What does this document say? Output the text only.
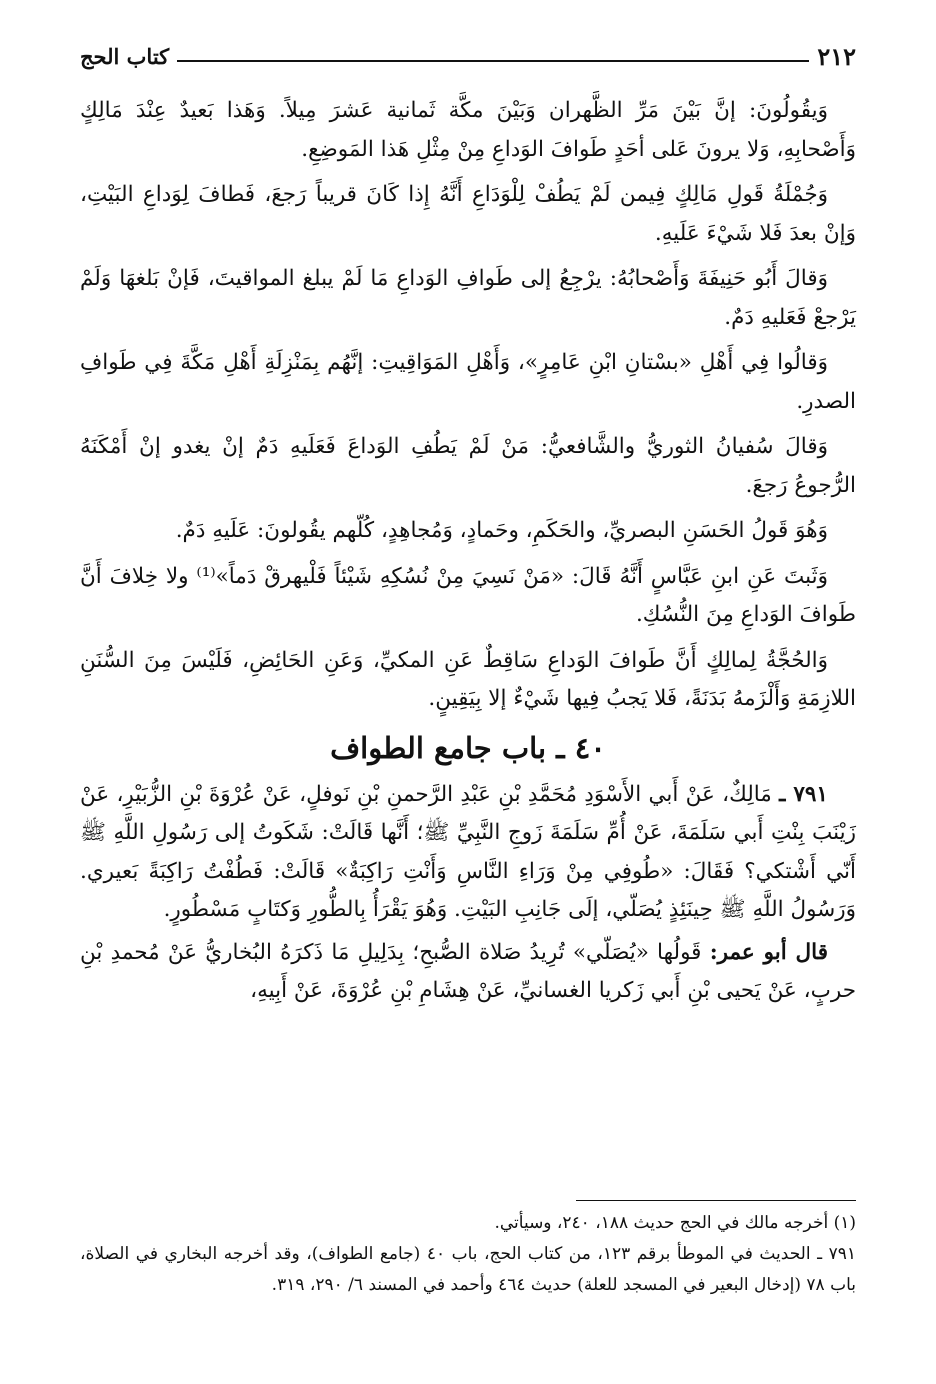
٢١٢
كتاب الحج

وَيقُولُونَ: إنَّ بَيْنَ مَرِّ الظَّهران وَبَيْنَ مكَّة ثَمانية عَشرَ مِيلاً. وَهَذا بَعيدٌ عِنْدَ مَالِكٍ وَأَصْحابِهِ، وَلا يرونَ عَلى أحَدٍ طَوافَ الوَداعِ مِنْ مِثْلِ هَذا المَوضِعِ.

وَجُمْلَةُ قَولِ مَالِكٍ فِيمن لَمْ يَطُفْ لِلْوَدَاعِ أَنَّهُ إِذا كَانَ قريباً رَجعَ، فَطافَ لِوَداعِ البَيْتِ، وَإنْ بعدَ فَلا شَيْءَ عَلَيهِ.

وَقالَ أَبُو حَنِيفَةَ وَأَصْحابُهُ: يرْجِعُ إلى طَوافِ الوَداعِ مَا لَمْ يبلغ المواقيتَ، فَإنْ بَلغهَا وَلَمْ يَرْجعْ فَعَليهِ دَمٌ.

وَقالُوا فِي أَهْلِ «بسْتانِ ابْنِ عَامِرٍ»، وَأَهْلِ المَوَاقِيتِ: إنَّهُم بِمَنْزِلَةِ أَهْلِ مَكَّةَ فِي طَوافِ الصدرِ.

وَقالَ سُفيانُ الثوريُّ والشَّافعيُّ: مَنْ لَمْ يَطُفِ الوَداعَ فَعَلَيهِ دَمٌ إنْ يغدو إنْ أَمْكَنَهُ الرُّجوعُ رَجعَ.

وَهُوَ قَولُ الحَسَنِ البصريِّ، والحَكَمِ، وحَمادٍ، وَمُجاهِدٍ، كُلّهم يقُولونَ: عَلَيهِ دَمٌ.

وَثَبتَ عَنِ ابنِ عَبَّاسٍ أَنَّهُ قَالَ: «مَنْ نَسِيَ مِنْ نُسُكِهِ شَيْئاً فَلْيهرقْ دَماً»⁽¹⁾ ولا خِلافَ أَنَّ طَوافَ الوَداعِ مِنَ النُّسُكِ.

وَالحُجَّةُ لِمالِكٍ أَنَّ طَوافَ الوَداعِ سَاقِطٌ عَنِ المكيِّ، وَعَنِ الحَائِضِ، فَلَيْسَ مِنَ السُّنَنِ اللازِمَةِ وَأَلْزَمهُ بَدَنَةً، فَلا يَجبُ فِيها شَيْءٌ إلا بِيَقِينٍ.

٤٠ ـ باب جامع الطواف

٧٩١ ـ مَالِكٌ، عَنْ أَبي الأَسْوَدِ مُحَمَّدِ بْنِ عَبْدِ الرَّحمنِ بْنِ نَوفلٍ، عَنْ عُرْوَةَ بْنِ الزُّبَيْرِ، عَنْ زَيْنَبَ بِنْتِ أَبي سَلَمَةَ، عَنْ أُمِّ سَلَمَةَ زَوجِ النَّبِيِّ ﷺ؛ أَنَّها قَالَتْ: شَكَوتُ إلى رَسُولِ اللَّهِ ﷺ أَنّي أَشْتكي؟ فَقَالَ: «طُوفِي مِنْ وَرَاءِ النَّاسِ وَأَنْتِ رَاكِبَةٌ» قَالَتْ: فَطُفْتُ رَاكِبَةً بَعيري. وَرَسُولُ اللَّهِ ﷺ حِينَئِذٍ يُصَلّي، إلَى جَانِبِ البَيْتِ. وَهُوَ يَقْرَأُ بِالطُّورِ وَكتَابٍ مَسْطُورٍ.

قال أبو عمر: قَولُها «يُصَلّي» تُرِيدُ صَلاة الصُّبحِ؛ بِدَلِيلِ مَا ذَكرَهُ البُخاريُّ عَنْ مُحمدِ بْنِ حربٍ، عَنْ يَحيى بْنِ أَبي زَكريا الغسانيِّ، عَنْ هِشَامِ بْنِ عُرْوَةَ، عَنْ أَبِيهِ،

(١) أخرجه مالك في الحج حديث ١٨٨، ٢٤٠، وسيأتي.

٧٩١ ـ الحديث في الموطأ برقم ١٢٣، من كتاب الحج، باب ٤٠ (جامع الطواف)، وقد أخرجه البخاري في الصلاة، باب ٧٨ (إدخال البعير في المسجد للعلة) حديث ٤٦٤ وأحمد في المسند ٦/ ٢٩٠، ٣١٩.
